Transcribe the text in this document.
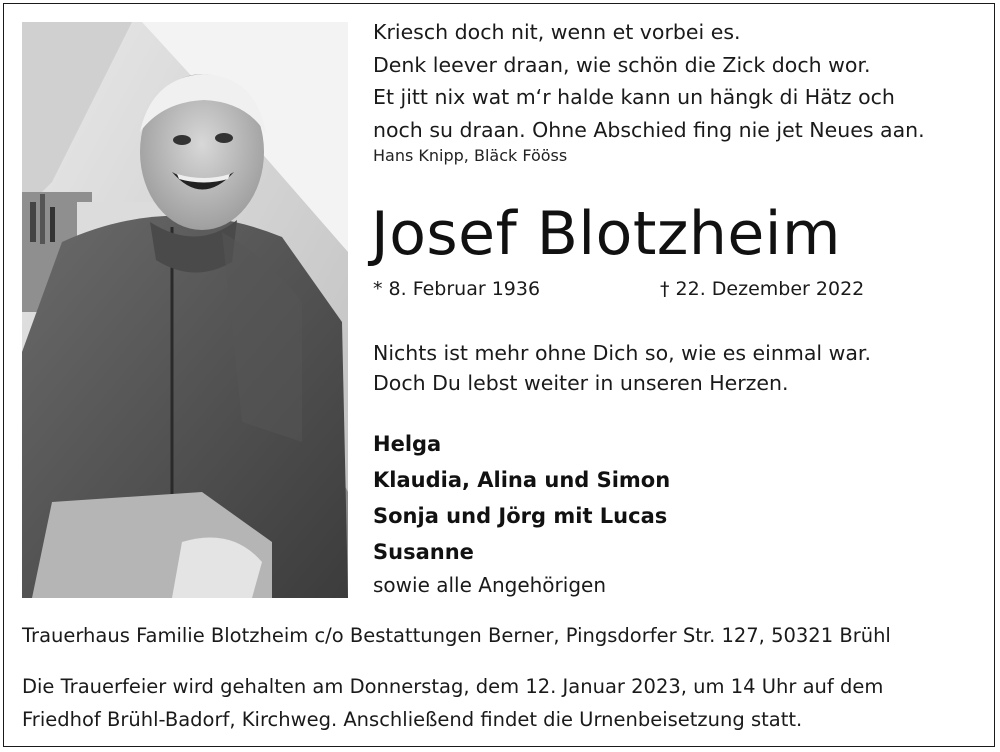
Kriesch doch nit, wenn et vorbei es.
Denk leever draan, wie schön die Zick doch wor.
Et jitt nix wat m‘r halde kann un hängk di Hätz och
noch su draan. Ohne Abschied fing nie jet Neues aan.
Hans Knipp, Bläck Fööss
Josef Blotzheim
* 8. Februar 1936	† 22. Dezember 2022
Nichts ist mehr ohne Dich so, wie es einmal war.
Doch Du lebst weiter in unseren Herzen.
Helga
Klaudia, Alina und Simon
Sonja und Jörg mit Lucas
Susanne
sowie alle Angehörigen
Trauerhaus Familie Blotzheim c/o Bestattungen Berner, Pingsdorfer Str. 127, 50321 Brühl
Die Trauerfeier wird gehalten am Donnerstag, dem 12. Januar 2023, um 14 Uhr auf dem
Friedhof Brühl-Badorf, Kirchweg. Anschließend findet die Urnenbeisetzung statt.
